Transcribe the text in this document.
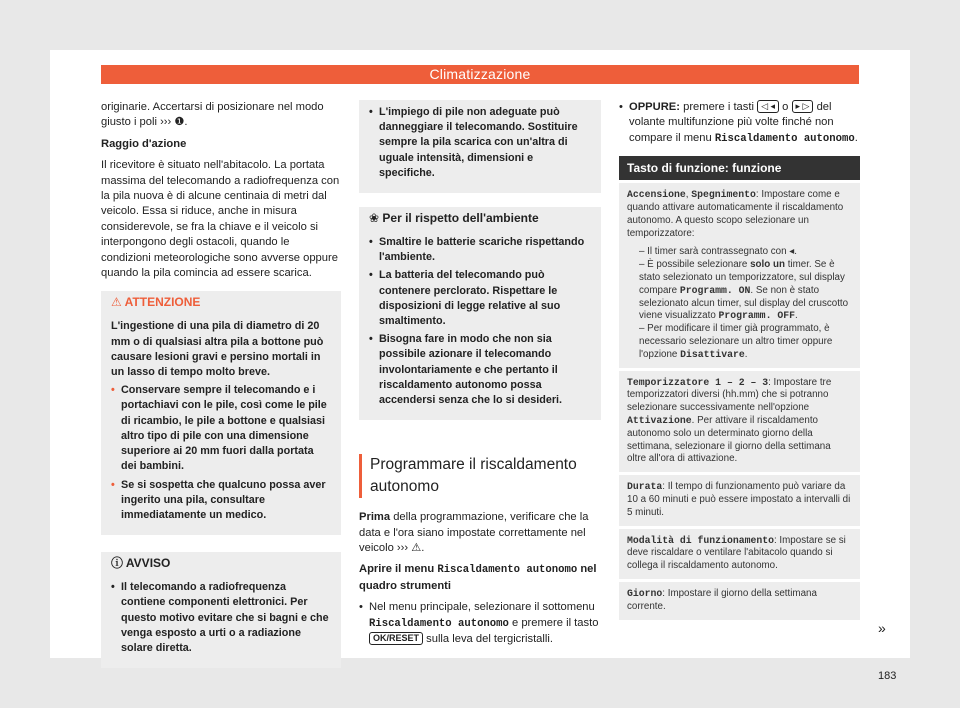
Climatizzazione

originarie. Accertarsi di posizionare nel modo giusto i poli ››› ❶.

Raggio d'azione

Il ricevitore è situato nell'abitacolo. La portata massima del telecomando a radiofrequenza con la pila nuova è di alcune centinaia di metri dal veicolo. Essa si riduce, anche in misura considerevole, se fra la chiave e il veicolo si interpongono degli ostacoli, quando le condizioni meteorologiche sono avverse oppure quando la pila comincia ad essere scarica.

⚠ ATTENZIONE

L'ingestione di una pila di diametro di 20 mm o di qualsiasi altra pila a bottone può causare lesioni gravi e persino mortali in un lasso di tempo molto breve.

• Conservare sempre il telecomando e i portachiavi con le pile, così come le pile di ricambio, le pile a bottone e qualsiasi altro tipo di pile con una dimensione superiore ai 20 mm fuori dalla portata dei bambini.
• Se si sospetta che qualcuno possa aver ingerito una pila, consultare immediatamente un medico.
ⓘ AVVISO
• Il telecomando a radiofrequenza contiene componenti elettronici. Per questo motivo evitare che si bagni e che venga esposto a urti o a radiazione solare diretta.
• L'impiego di pile non adeguate può danneggiare il telecomando. Sostituire sempre la pila scarica con un'altra di uguale intensità, dimensioni e specifiche.
❀ Per il rispetto dell'ambiente
• Smaltire le batterie scariche rispettando l'ambiente.
• La batteria del telecomando può contenere perclorato. Rispettare le disposizioni di legge relative al suo smaltimento.
• Bisogna fare in modo che non sia possibile azionare il telecomando involontariamente e che pertanto il riscaldamento autonomo possa accendersi senza che lo si desideri.
Programmare il riscaldamento autonomo

Prima della programmazione, verificare che la data e l'ora siano impostate correttamente nel veicolo ››› ⚠.

Aprire il menu Riscaldamento autonomo nel quadro strumenti

• Nel menu principale, selezionare il sottomenu Riscaldamento autonomo e premere il tasto OK/RESET sulla leva del tergicristalli.
• OPPURE: premere i tasti ◁ ◂ o ▸ ▷ del volante multifunzione più volte finché non compare il menu Riscaldamento autonomo.
Tasto di funzione: funzione
Accensione, Spegnimento: Impostare come e quando attivare automaticamente il riscaldamento autonomo. A questo scopo selezionare un temporizzatore:
– Il timer sarà contrassegnato con ◂.
– È possibile selezionare solo un timer. Se è stato selezionato un temporizzatore, sul display compare Programm. ON. Se non è stato selezionato alcun timer, sul display del cruscotto viene visualizzato Programm. OFF.
– Per modificare il timer già programmato, è necessario selezionare un altro timer oppure l'opzione Disattivare.
Temporizzatore 1 – 2 – 3: Impostare tre temporizzatori diversi (hh.mm) che si potranno selezionare successivamente nell'opzione Attivazione. Per attivare il riscaldamento autonomo solo un determinato giorno della settimana, selezionare il giorno della settimana oltre all'ora di attivazione.
Durata: Il tempo di funzionamento può variare da 10 a 60 minuti e può essere impostato a intervalli di 5 minuti.
Modalità di funzionamento: Impostare se si deve riscaldare o ventilare l'abitacolo quando si collega il riscaldamento autonomo.
Giorno: Impostare il giorno della settimana corrente.
»
183
